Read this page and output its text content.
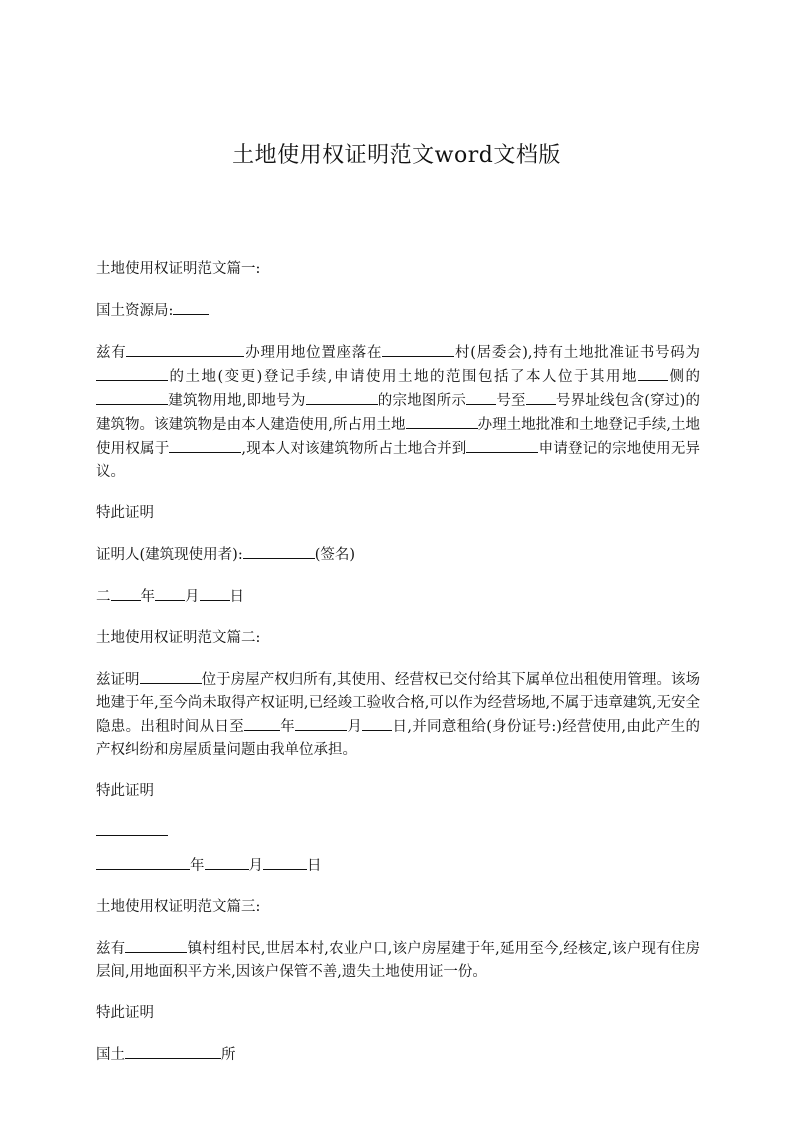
土地使用权证明范文word文档版

土地使用权证明范文篇一:

国土资源局:

兹有	办理用地位置座落在	村(居委会),持有土地批准证书号码为的土地(变更)登记手续,申请使用土地的范围包括了本人位于其用地 侧的建筑物用地,即地号为	的宗地图所示 号至 号界址线包含(穿过)的建筑物。该建筑物是由本人建造使用,所占用土地	办理土地批准和土地登记手续,土地使用权属于	,现本人对该建筑物所占土地合并到	申请登记的宗地使用无异议。

特此证明

证明人(建筑现使用者):	(签名)

二 年 月 日

土地使用权证明范文篇二:

兹证明	位于房屋产权归所有,其使用、经营权已交付给其下属单位出租使用管理。该场地建于年,至今尚未取得产权证明,已经竣工验收合格,可以作为经营场地,不属于违章建筑,无安全隐患。出租时间从日至 年	月 日,并同意租给(身份证号:)经营使用,由此产生的产权纠纷和房屋质量问题由我单位承担。

特此证明

年	月	日

土地使用权证明范文篇三:

兹有	镇村组村民,世居本村,农业户口,该户房屋建于年,延用至今,经核定,该户现有住房层间,用地面积平方米,因该户保管不善,遗失土地使用证一份。

特此证明

国土	所
